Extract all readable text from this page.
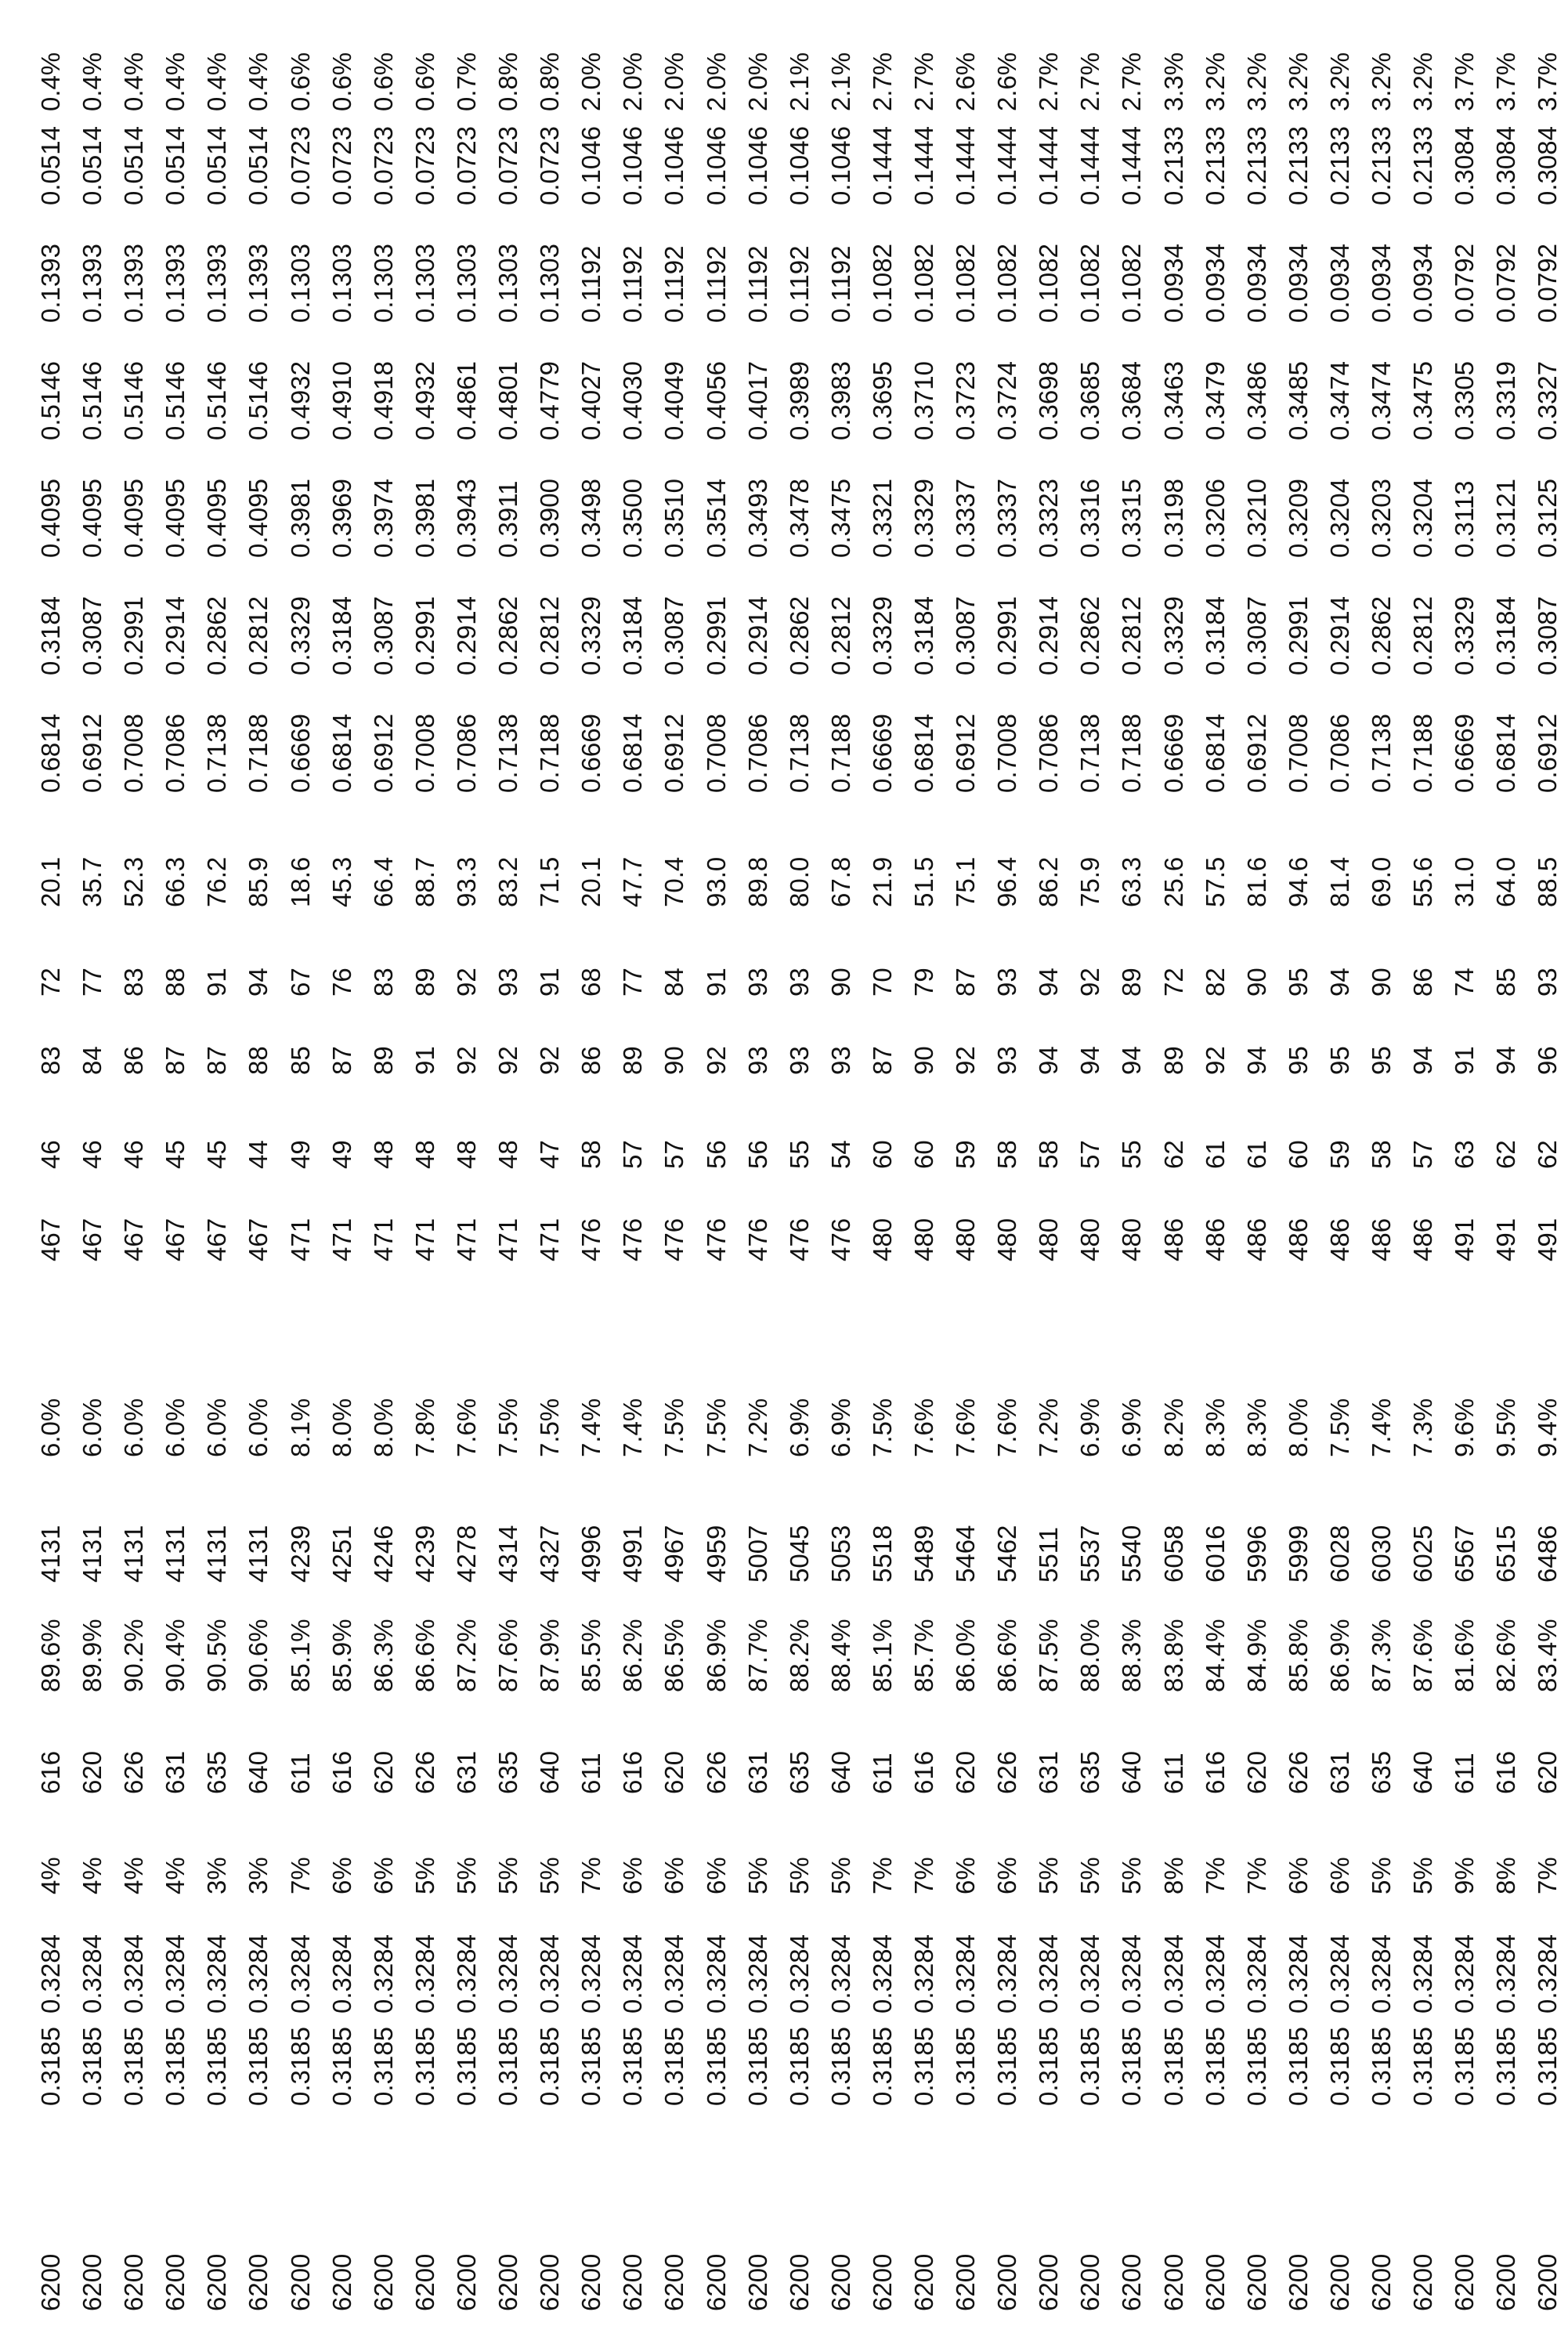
6200	0.3185	0.3284	4%	616	89.6%	4131	6.0%	467	46	83	72	20.1	0.6814	0.3184	0.4095	0.5146	0.1393	0.0514	0.4%
6200	0.3185	0.3284	4%	620	89.9%	4131	6.0%	467	46	84	77	35.7	0.6912	0.3087	0.4095	0.5146	0.1393	0.0514	0.4%
6200	0.3185	0.3284	4%	626	90.2%	4131	6.0%	467	46	86	83	52.3	0.7008	0.2991	0.4095	0.5146	0.1393	0.0514	0.4%
6200	0.3185	0.3284	4%	631	90.4%	4131	6.0%	467	45	87	88	66.3	0.7086	0.2914	0.4095	0.5146	0.1393	0.0514	0.4%
6200	0.3185	0.3284	3%	635	90.5%	4131	6.0%	467	45	87	91	76.2	0.7138	0.2862	0.4095	0.5146	0.1393	0.0514	0.4%
6200	0.3185	0.3284	3%	640	90.6%	4131	6.0%	467	44	88	94	85.9	0.7188	0.2812	0.4095	0.5146	0.1393	0.0514	0.4%
6200	0.3185	0.3284	7%	611	85.1%	4239	8.1%	471	49	85	67	18.6	0.6669	0.3329	0.3981	0.4932	0.1303	0.0723	0.6%
6200	0.3185	0.3284	6%	616	85.9%	4251	8.0%	471	49	87	76	45.3	0.6814	0.3184	0.3969	0.4910	0.1303	0.0723	0.6%
6200	0.3185	0.3284	6%	620	86.3%	4246	8.0%	471	48	89	83	66.4	0.6912	0.3087	0.3974	0.4918	0.1303	0.0723	0.6%
6200	0.3185	0.3284	5%	626	86.6%	4239	7.8%	471	48	91	89	88.7	0.7008	0.2991	0.3981	0.4932	0.1303	0.0723	0.6%
6200	0.3185	0.3284	5%	631	87.2%	4278	7.6%	471	48	92	92	93.3	0.7086	0.2914	0.3943	0.4861	0.1303	0.0723	0.7%
6200	0.3185	0.3284	5%	635	87.6%	4314	7.5%	471	48	92	93	83.2	0.7138	0.2862	0.3911	0.4801	0.1303	0.0723	0.8%
6200	0.3185	0.3284	5%	640	87.9%	4327	7.5%	471	47	92	91	71.5	0.7188	0.2812	0.3900	0.4779	0.1303	0.0723	0.8%
6200	0.3185	0.3284	7%	611	85.5%	4996	7.4%	476	58	86	68	20.1	0.6669	0.3329	0.3498	0.4027	0.1192	0.1046	2.0%
6200	0.3185	0.3284	6%	616	86.2%	4991	7.4%	476	57	89	77	47.7	0.6814	0.3184	0.3500	0.4030	0.1192	0.1046	2.0%
6200	0.3185	0.3284	6%	620	86.5%	4967	7.5%	476	57	90	84	70.4	0.6912	0.3087	0.3510	0.4049	0.1192	0.1046	2.0%
6200	0.3185	0.3284	6%	626	86.9%	4959	7.5%	476	56	92	91	93.0	0.7008	0.2991	0.3514	0.4056	0.1192	0.1046	2.0%
6200	0.3185	0.3284	5%	631	87.7%	5007	7.2%	476	56	93	93	89.8	0.7086	0.2914	0.3493	0.4017	0.1192	0.1046	2.0%
6200	0.3185	0.3284	5%	635	88.2%	5045	6.9%	476	55	93	93	80.0	0.7138	0.2862	0.3478	0.3989	0.1192	0.1046	2.1%
6200	0.3185	0.3284	5%	640	88.4%	5053	6.9%	476	54	93	90	67.8	0.7188	0.2812	0.3475	0.3983	0.1192	0.1046	2.1%
6200	0.3185	0.3284	7%	611	85.1%	5518	7.5%	480	60	87	70	21.9	0.6669	0.3329	0.3321	0.3695	0.1082	0.1444	2.7%
6200	0.3185	0.3284	7%	616	85.7%	5489	7.6%	480	60	90	79	51.5	0.6814	0.3184	0.3329	0.3710	0.1082	0.1444	2.7%
6200	0.3185	0.3284	6%	620	86.0%	5464	7.6%	480	59	92	87	75.1	0.6912	0.3087	0.3337	0.3723	0.1082	0.1444	2.6%
6200	0.3185	0.3284	6%	626	86.6%	5462	7.6%	480	58	93	93	96.4	0.7008	0.2991	0.3337	0.3724	0.1082	0.1444	2.6%
6200	0.3185	0.3284	5%	631	87.5%	5511	7.2%	480	58	94	94	86.2	0.7086	0.2914	0.3323	0.3698	0.1082	0.1444	2.7%
6200	0.3185	0.3284	5%	635	88.0%	5537	6.9%	480	57	94	92	75.9	0.7138	0.2862	0.3316	0.3685	0.1082	0.1444	2.7%
6200	0.3185	0.3284	5%	640	88.3%	5540	6.9%	480	55	94	89	63.3	0.7188	0.2812	0.3315	0.3684	0.1082	0.1444	2.7%
6200	0.3185	0.3284	8%	611	83.8%	6058	8.2%	486	62	89	72	25.6	0.6669	0.3329	0.3198	0.3463	0.0934	0.2133	3.3%
6200	0.3185	0.3284	7%	616	84.4%	6016	8.3%	486	61	92	82	57.5	0.6814	0.3184	0.3206	0.3479	0.0934	0.2133	3.2%
6200	0.3185	0.3284	7%	620	84.9%	5996	8.3%	486	61	94	90	81.6	0.6912	0.3087	0.3210	0.3486	0.0934	0.2133	3.2%
6200	0.3185	0.3284	6%	626	85.8%	5999	8.0%	486	60	95	95	94.6	0.7008	0.2991	0.3209	0.3485	0.0934	0.2133	3.2%
6200	0.3185	0.3284	6%	631	86.9%	6028	7.5%	486	59	95	94	81.4	0.7086	0.2914	0.3204	0.3474	0.0934	0.2133	3.2%
6200	0.3185	0.3284	5%	635	87.3%	6030	7.4%	486	58	95	90	69.0	0.7138	0.2862	0.3203	0.3474	0.0934	0.2133	3.2%
6200	0.3185	0.3284	5%	640	87.6%	6025	7.3%	486	57	94	86	55.6	0.7188	0.2812	0.3204	0.3475	0.0934	0.2133	3.2%
6200	0.3185	0.3284	9%	611	81.6%	6567	9.6%	491	63	91	74	31.0	0.6669	0.3329	0.3113	0.3305	0.0792	0.3084	3.7%
6200	0.3185	0.3284	8%	616	82.6%	6515	9.5%	491	62	94	85	64.0	0.6814	0.3184	0.3121	0.3319	0.0792	0.3084	3.7%
6200	0.3185	0.3284	7%	620	83.4%	6486	9.4%	491	62	96	93	88.5	0.6912	0.3087	0.3125	0.3327	0.0792	0.3084	3.7%
